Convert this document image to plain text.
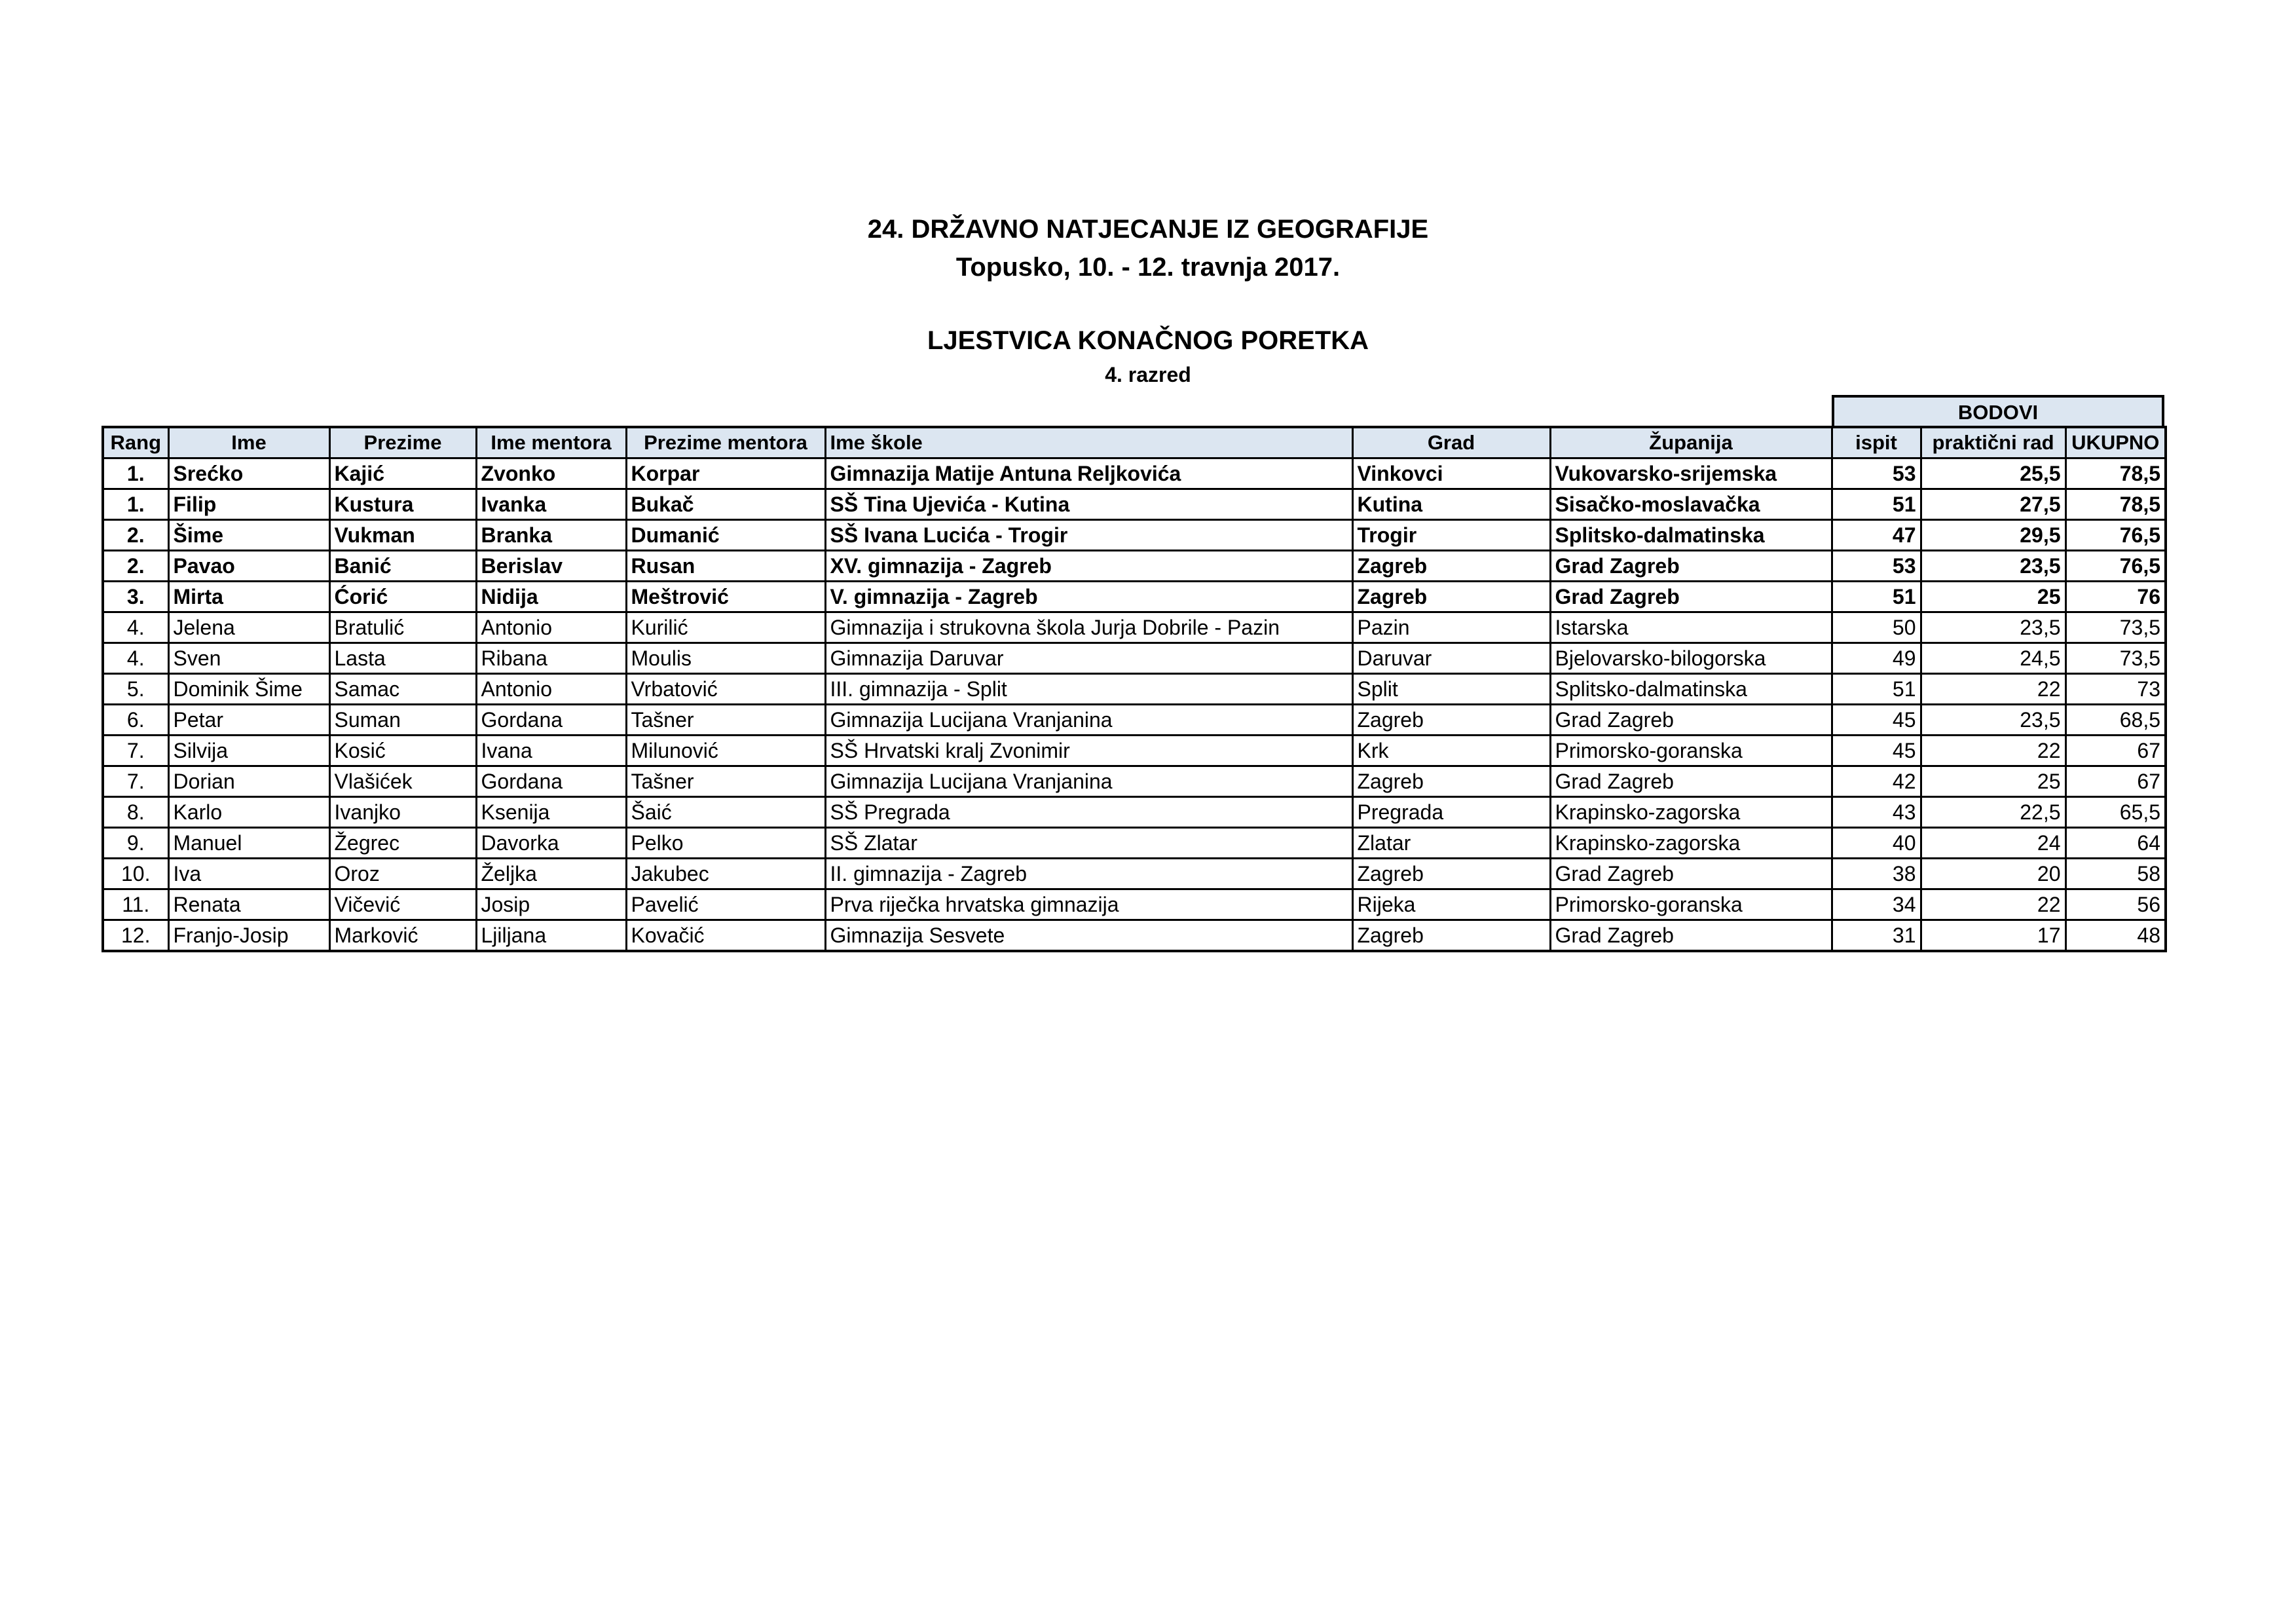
24. DRŽAVNO NATJECANJE IZ GEOGRAFIJE
Topusko, 10. - 12. travnja 2017.
LJESTVICA KONAČNOG PORETKA
4. razred
BODOVI
Rang	Ime	Prezime	Ime mentora	Prezime mentora	Ime škole	Grad	Županija	ispit	praktični rad	UKUPNO
1.	Srećko	Kajić	Zvonko	Korpar	Gimnazija Matije Antuna Reljkovića	Vinkovci	Vukovarsko-srijemska	53	25,5	78,5
1.	Filip	Kustura	Ivanka	Bukač	SŠ Tina Ujevića - Kutina	Kutina	Sisačko-moslavačka	51	27,5	78,5
2.	Šime	Vukman	Branka	Dumanić	SŠ Ivana Lucića - Trogir	Trogir	Splitsko-dalmatinska	47	29,5	76,5
2.	Pavao	Banić	Berislav	Rusan	XV. gimnazija - Zagreb	Zagreb	Grad Zagreb	53	23,5	76,5
3.	Mirta	Ćorić	Nidija	Meštrović	V. gimnazija - Zagreb	Zagreb	Grad Zagreb	51	25	76
4.	Jelena	Bratulić	Antonio	Kurilić	Gimnazija i strukovna škola Jurja Dobrile - Pazin	Pazin	Istarska	50	23,5	73,5
4.	Sven	Lasta	Ribana	Moulis	Gimnazija Daruvar	Daruvar	Bjelovarsko-bilogorska	49	24,5	73,5
5.	Dominik Šime	Samac	Antonio	Vrbatović	III. gimnazija - Split	Split	Splitsko-dalmatinska	51	22	73
6.	Petar	Suman	Gordana	Tašner	Gimnazija Lucijana Vranjanina	Zagreb	Grad Zagreb	45	23,5	68,5
7.	Silvija	Kosić	Ivana	Milunović	SŠ Hrvatski kralj Zvonimir	Krk	Primorsko-goranska	45	22	67
7.	Dorian	Vlašićek	Gordana	Tašner	Gimnazija Lucijana Vranjanina	Zagreb	Grad Zagreb	42	25	67
8.	Karlo	Ivanjko	Ksenija	Šaić	SŠ Pregrada	Pregrada	Krapinsko-zagorska	43	22,5	65,5
9.	Manuel	Žegrec	Davorka	Pelko	SŠ Zlatar	Zlatar	Krapinsko-zagorska	40	24	64
10.	Iva	Oroz	Željka	Jakubec	II. gimnazija - Zagreb	Zagreb	Grad Zagreb	38	20	58
11.	Renata	Vičević	Josip	Pavelić	Prva riječka hrvatska gimnazija	Rijeka	Primorsko-goranska	34	22	56
12.	Franjo-Josip	Marković	Ljiljana	Kovačić	Gimnazija Sesvete	Zagreb	Grad Zagreb	31	17	48
